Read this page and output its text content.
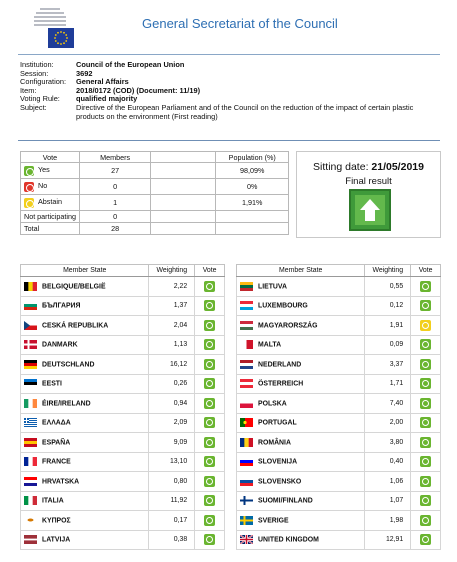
General Secretariat of the Council
Institution:	Council of the European Union
Session:	3692
Configuration:	General Affairs
Item:	2018/0172 (COD) (Document: 11/19)
Voting Rule:	qualified majority
Subject:	Directive of the European Parliament and of the Council on the reduction of the impact of certain plastic products on the environment (First reading)
Vote	Members		Population (%)
Yes	27		98,09%
No	0		0%
Abstain	1		1,91%
Not participating	0		
Total	28		
Sitting date: 21/05/2019
Final result
Member State	Weighting	Vote
BELGIQUE/BELGIË	2,22	
БЪЛГАРИЯ	1,37	
CESKÁ REPUBLIKA	2,04	
DANMARK	1,13	
DEUTSCHLAND	16,12	
EESTI	0,26	
ÉIRE/IRELAND	0,94	
ΕΛΛΑΔΑ	2,09	
ESPAÑA	9,09	
FRANCE	13,10	
HRVATSKA	0,80	
ITALIA	11,92	
ΚΥΠΡΟΣ	0,17	
LATVIJA	0,38	
Member State	Weighting	Vote
LIETUVA	0,55	
LUXEMBOURG	0,12	
MAGYARORSZÁG	1,91	
MALTA	0,09	
NEDERLAND	3,37	
ÖSTERREICH	1,71	
POLSKA	7,40	
PORTUGAL	2,00	
ROMÂNIA	3,80	
SLOVENIJA	0,40	
SLOVENSKO	1,06	
SUOMI/FINLAND	1,07	
SVERIGE	1,98	
UNITED KINGDOM	12,91	
